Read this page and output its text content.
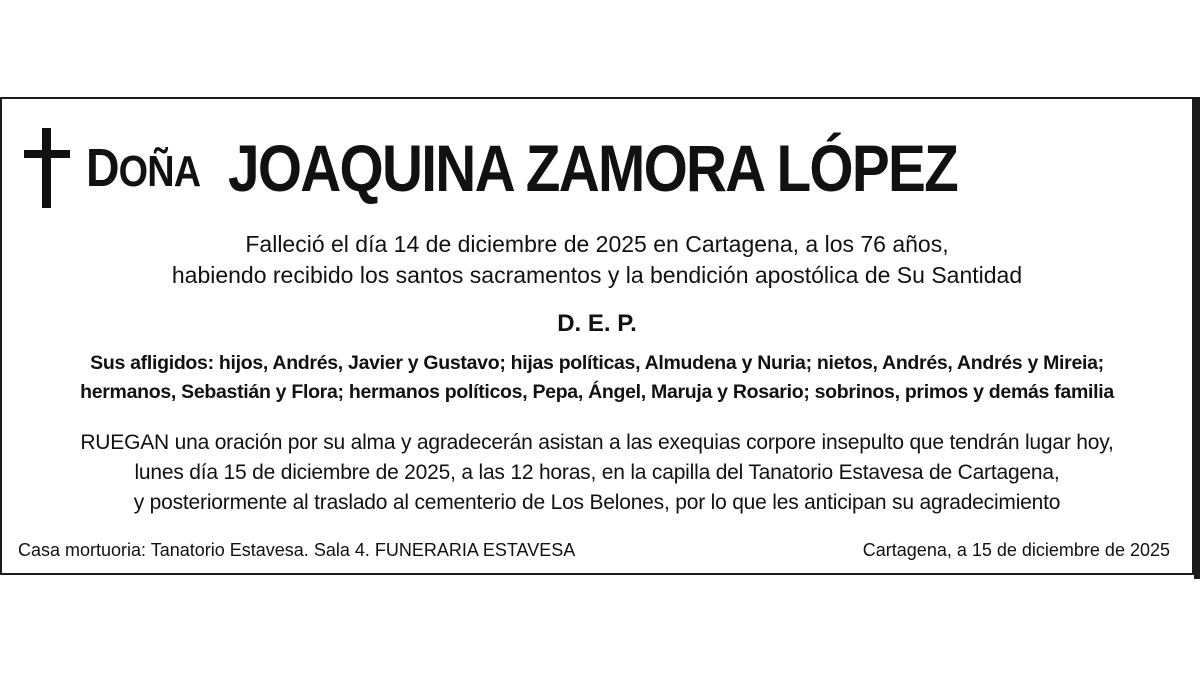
DOÑA JOAQUINA ZAMORA LÓPEZ
Falleció el día 14 de diciembre de 2025 en Cartagena, a los 76 años,
habiendo recibido los santos sacramentos y la bendición apostólica de Su Santidad
D. E. P.
Sus afligidos: hijos, Andrés, Javier y Gustavo; hijas políticas, Almudena y Nuria; nietos, Andrés, Andrés y Mireia;
hermanos, Sebastián y Flora; hermanos políticos, Pepa, Ángel, Maruja y Rosario; sobrinos, primos y demás familia
RUEGAN una oración por su alma y agradecerán asistan a las exequias corpore insepulto que tendrán lugar hoy,
lunes día 15 de diciembre de 2025, a las 12 horas, en la capilla del Tanatorio Estavesa de Cartagena,
y posteriormente al traslado al cementerio de Los Belones, por lo que les anticipan su agradecimiento
Casa mortuoria: Tanatorio Estavesa. Sala 4. FUNERARIA ESTAVESA	Cartagena, a 15 de diciembre de 2025
